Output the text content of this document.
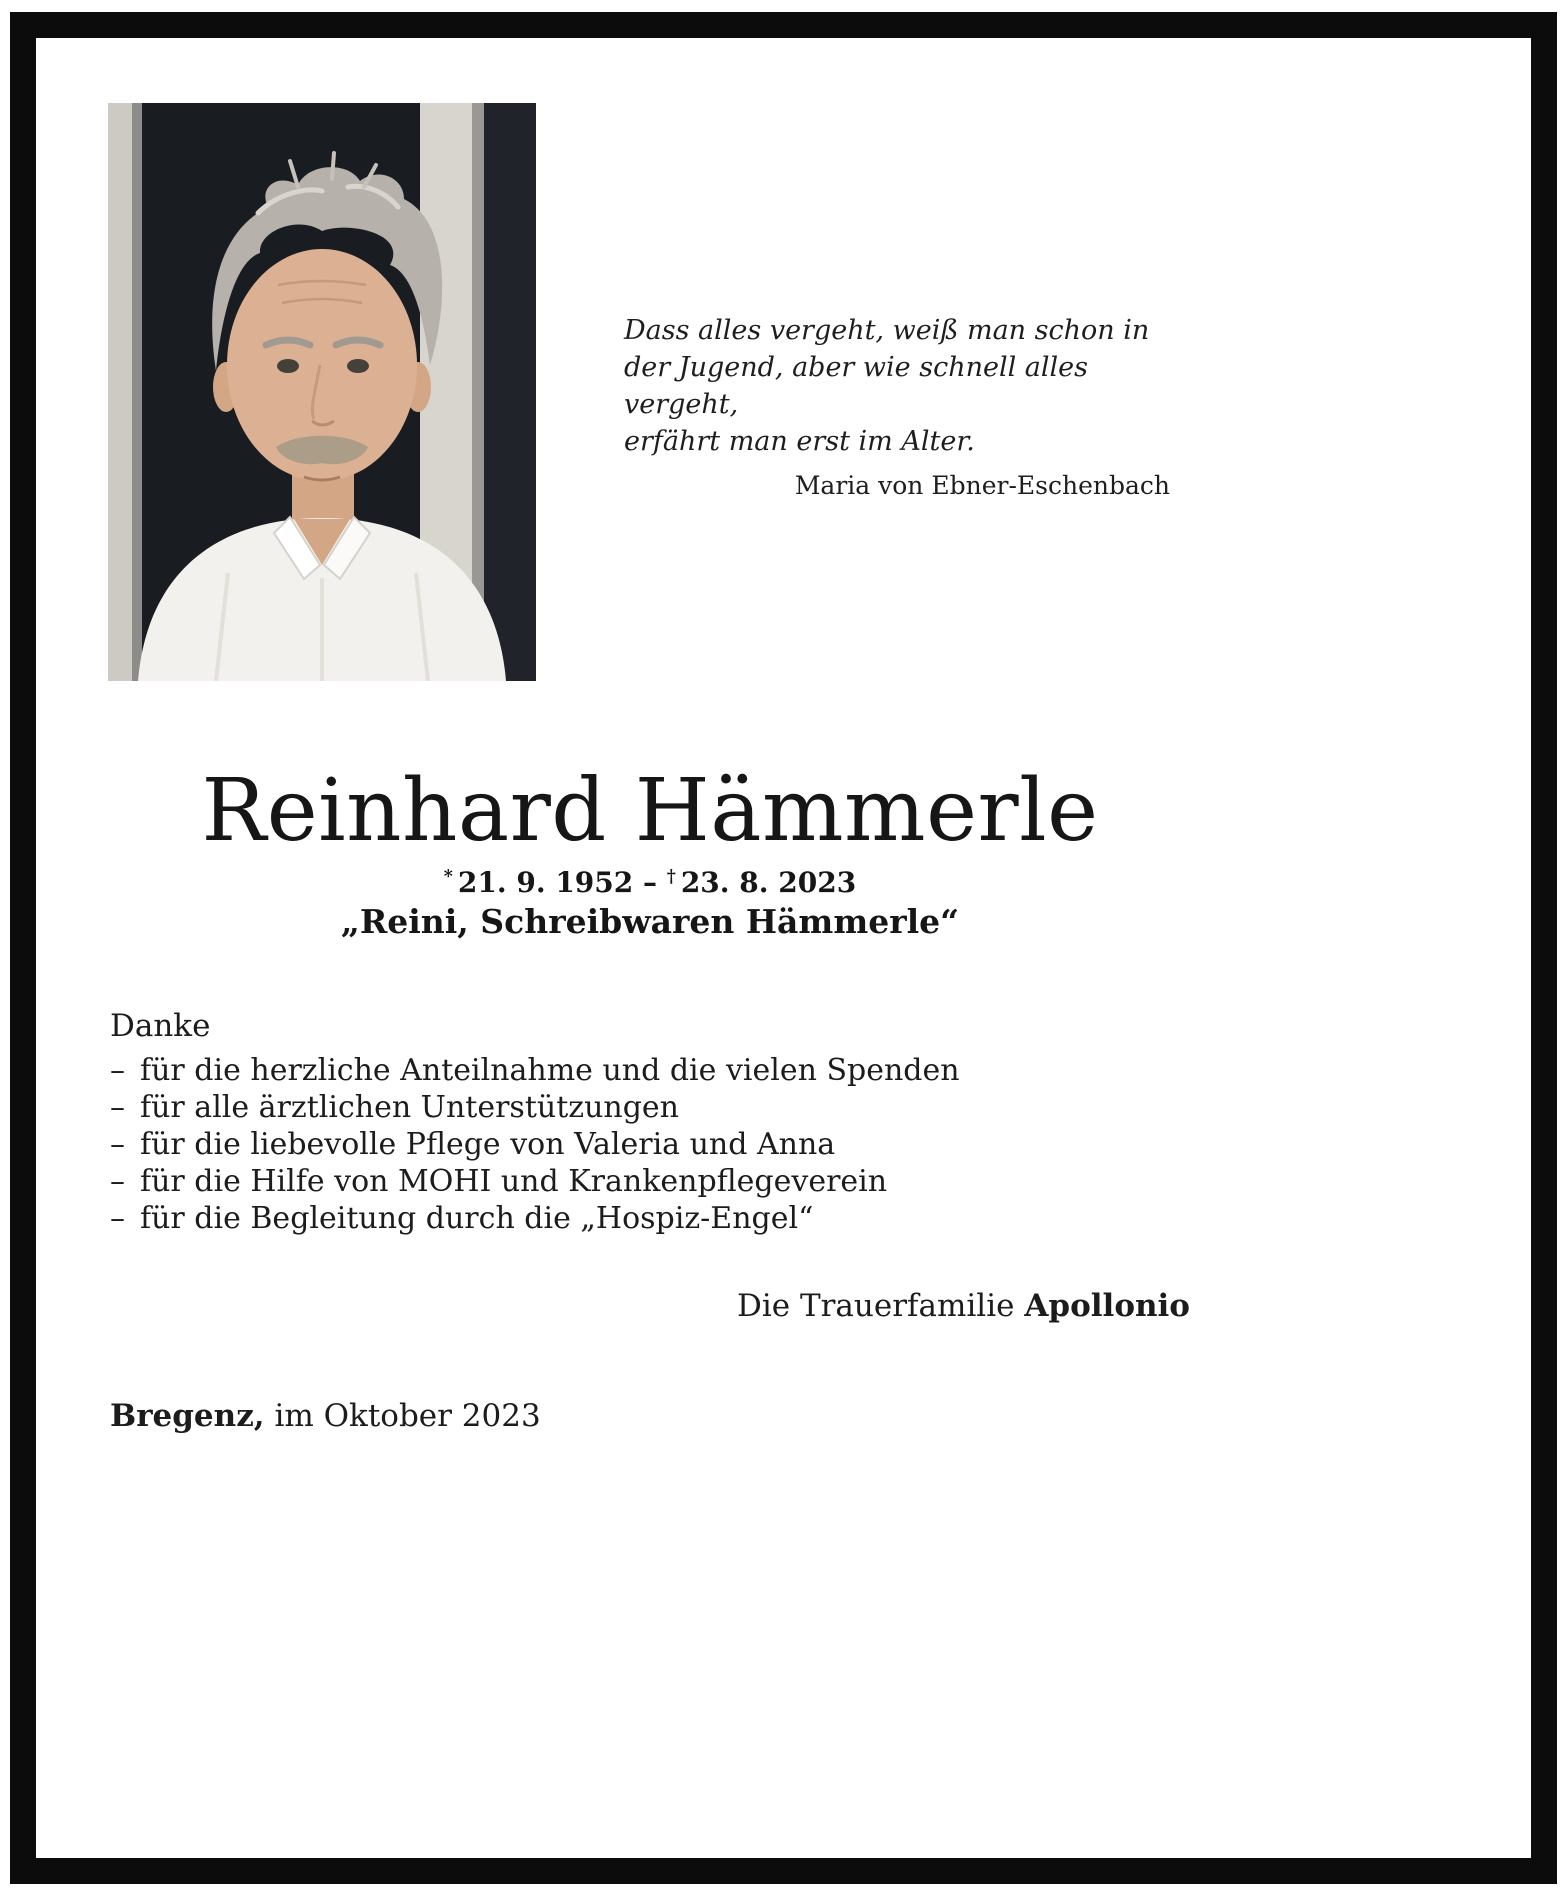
Dass alles vergeht, weiß man schon in
der Jugend, aber wie schnell alles vergeht,
erfährt man erst im Alter.
Maria von Ebner-Eschenbach
Reinhard Hämmerle
* 21. 9. 1952 – † 23. 8. 2023
„Reini, Schreibwaren Hämmerle“
Danke
– für die herzliche Anteilnahme und die vielen Spenden
– für alle ärztlichen Unterstützungen
– für die liebevolle Pflege von Valeria und Anna
– für die Hilfe von MOHI und Krankenpflegeverein
– für die Begleitung durch die „Hospiz-Engel“
Die Trauerfamilie Apollonio
Bregenz, im Oktober 2023
